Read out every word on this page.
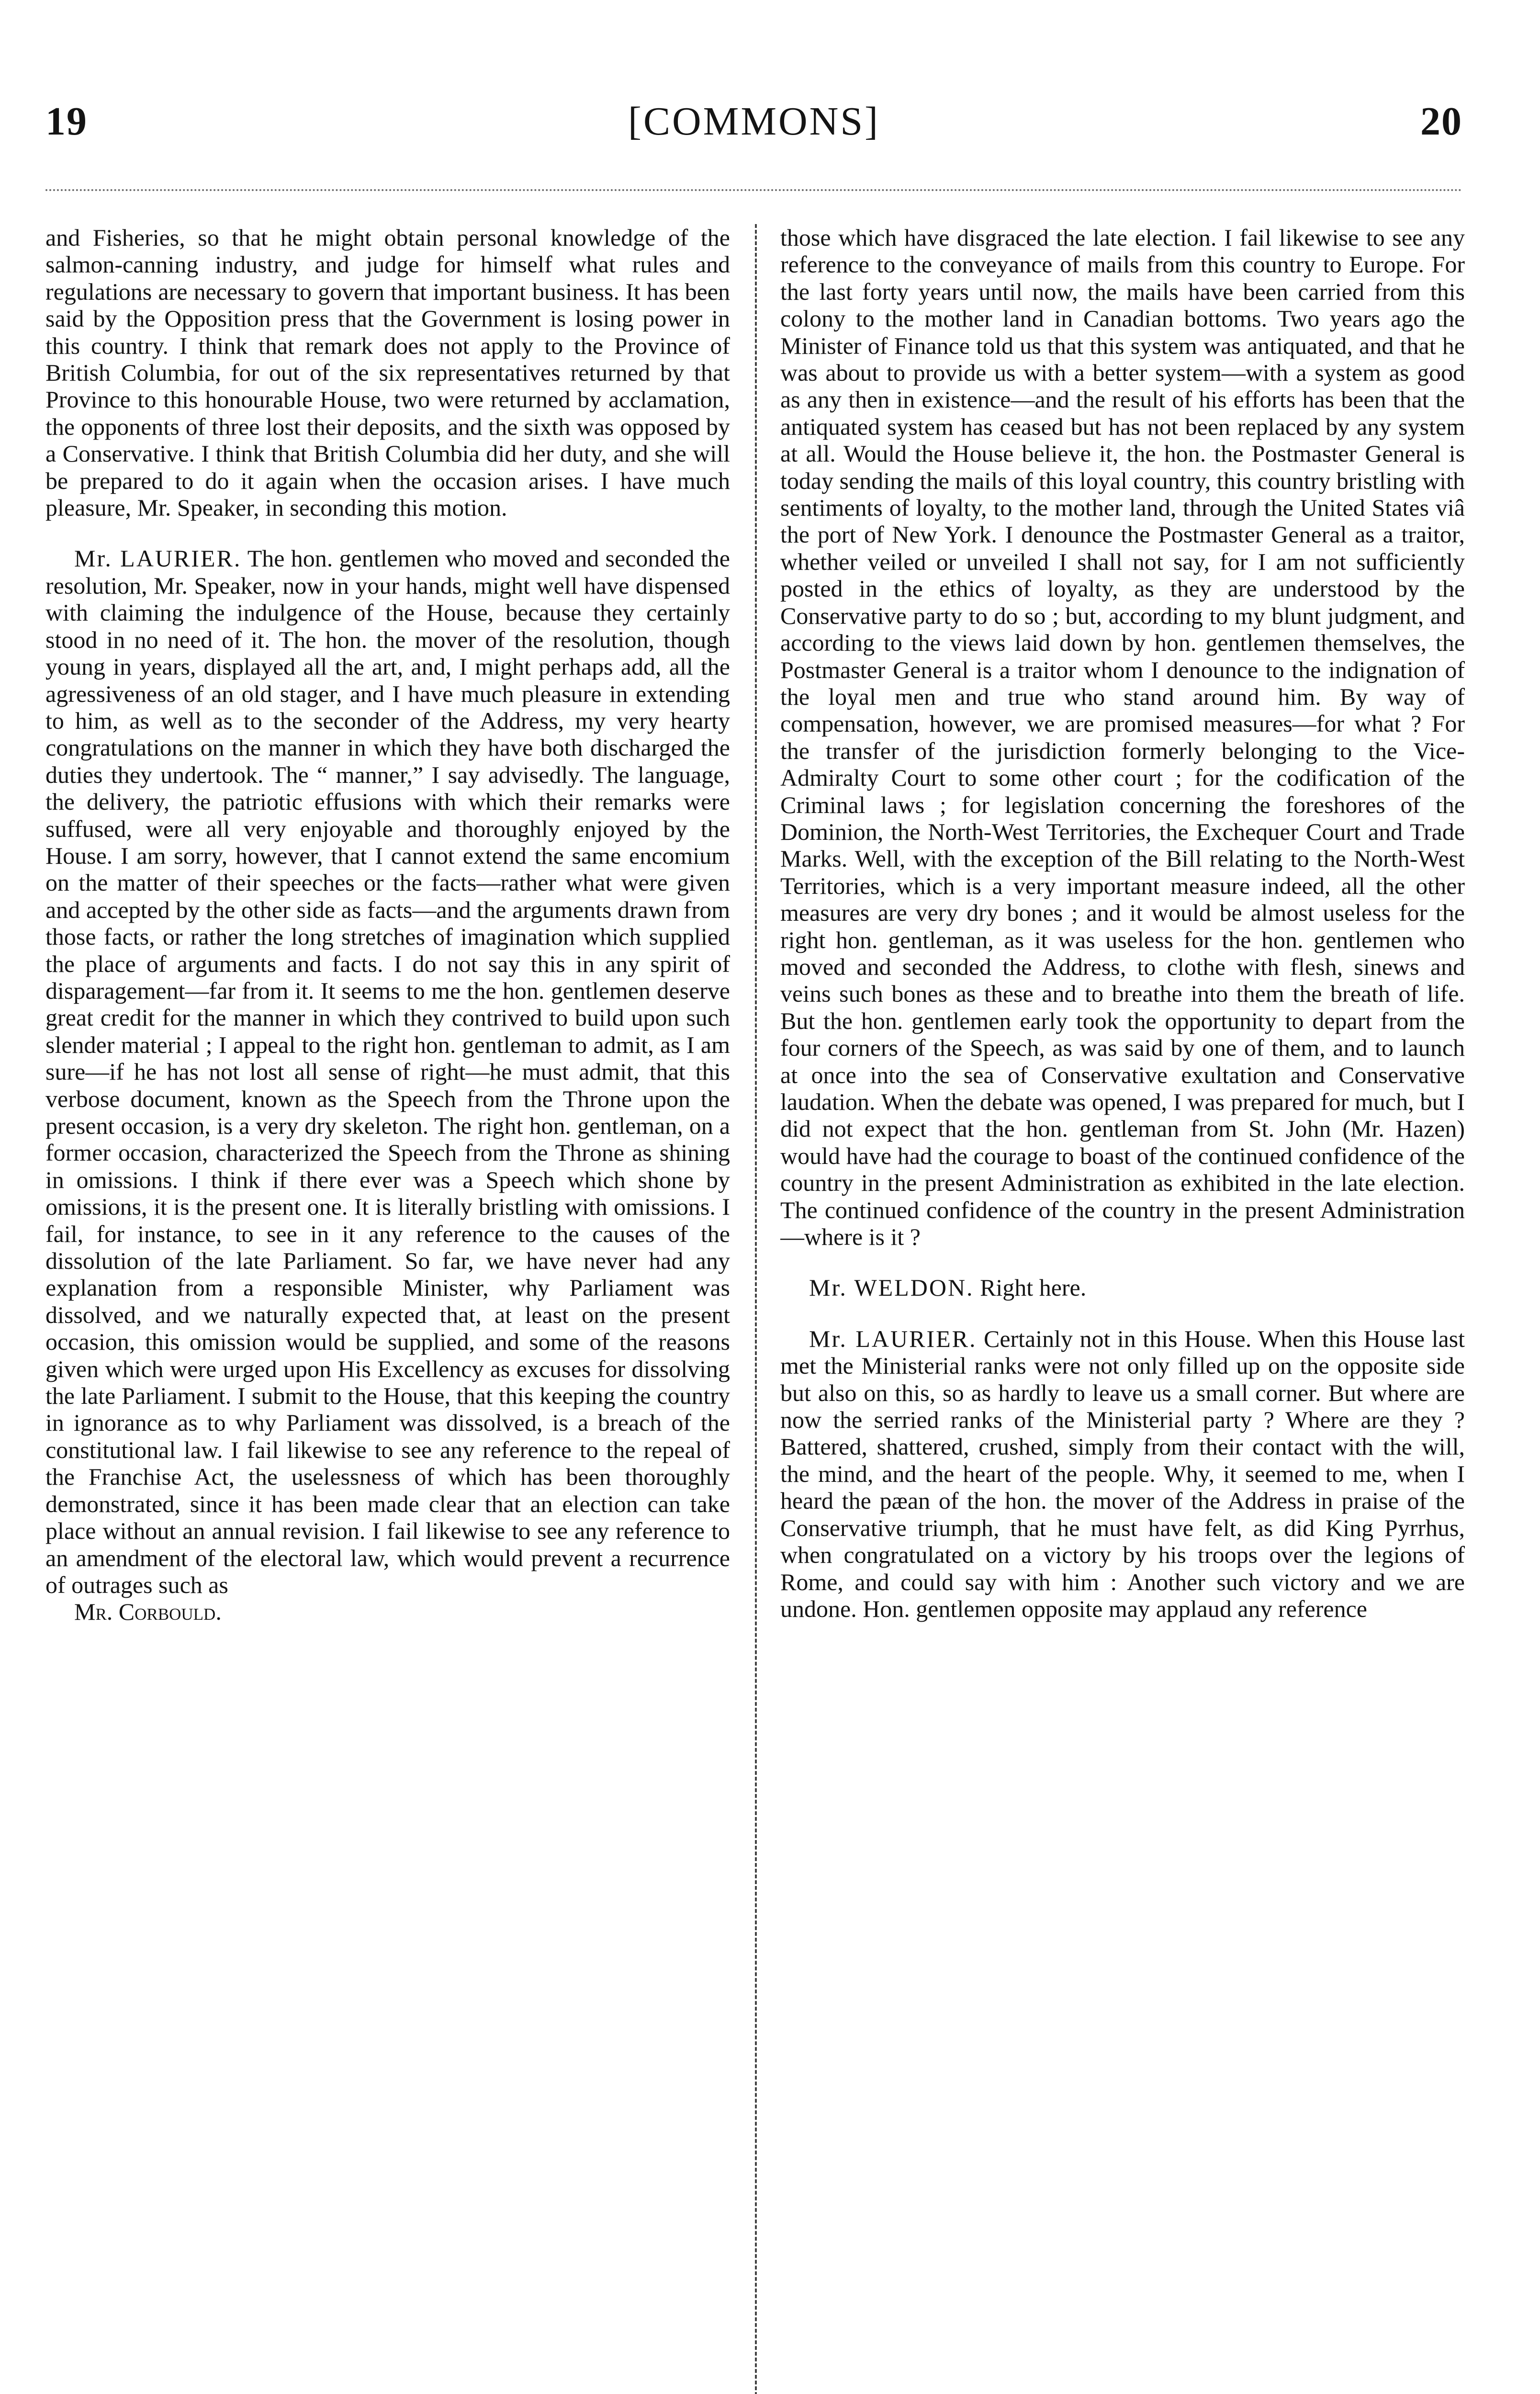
19	[COMMONS]	20

and Fisheries, so that he might obtain personal knowledge of the salmon-canning industry, and judge for himself what rules and regulations are necessary to govern that important business. It has been said by the Opposition press that the Government is losing power in this country. I think that remark does not apply to the Province of British Columbia, for out of the six representatives returned by that Province to this honourable House, two were returned by acclamation, the opponents of three lost their deposits, and the sixth was opposed by a Conservative. I think that British Columbia did her duty, and she will be prepared to do it again when the occasion arises. I have much pleasure, Mr. Speaker, in seconding this motion.

Mr. LAURIER. The hon. gentlemen who moved and seconded the resolution, Mr. Speaker, now in your hands, might well have dispensed with claiming the indulgence of the House, because they certainly stood in no need of it. The hon. the mover of the resolution, though young in years, displayed all the art, and, I might perhaps add, all the agressiveness of an old stager, and I have much pleasure in extending to him, as well as to the seconder of the Address, my very hearty congratulations on the manner in which they have both discharged the duties they undertook. The “ manner,” I say advisedly. The language, the delivery, the patriotic effusions with which their remarks were suffused, were all very enjoyable and thoroughly enjoyed by the House. I am sorry, however, that I cannot extend the same encomium on the matter of their speeches or the facts—rather what were given and accepted by the other side as facts—and the arguments drawn from those facts, or rather the long stretches of imagination which supplied the place of arguments and facts. I do not say this in any spirit of disparagement—far from it. It seems to me the hon. gentlemen deserve great credit for the manner in which they contrived to build upon such slender material ; I appeal to the right hon. gentleman to admit, as I am sure—if he has not lost all sense of right—he must admit, that this verbose document, known as the Speech from the Throne upon the present occasion, is a very dry skeleton. The right hon. gentleman, on a former occasion, characterized the Speech from the Throne as shining in omissions. I think if there ever was a Speech which shone by omissions, it is the present one. It is literally bristling with omissions. I fail, for instance, to see in it any reference to the causes of the dissolution of the late Parliament. So far, we have never had any explanation from a responsible Minister, why Parliament was dissolved, and we naturally expected that, at least on the present occasion, this omission would be supplied, and some of the reasons given which were urged upon His Excellency as excuses for dissolving the late Parliament. I submit to the House, that this keeping the country in ignorance as to why Parliament was dissolved, is a breach of the constitutional law. I fail likewise to see any reference to the repeal of the Franchise Act, the uselessness of which has been thoroughly demonstrated, since it has been made clear that an election can take place without an annual revision. I fail likewise to see any reference to an amendment of the electoral law, which would prevent a recurrence of outrages such as

Mr. Corbould.

those which have disgraced the late election. I fail likewise to see any reference to the conveyance of mails from this country to Europe. For the last forty years until now, the mails have been carried from this colony to the mother land in Canadian bottoms. Two years ago the Minister of Finance told us that this system was antiquated, and that he was about to provide us with a better system—with a system as good as any then in existence—and the result of his efforts has been that the antiquated system has ceased but has not been replaced by any system at all. Would the House believe it, the hon. the Postmaster General is today sending the mails of this loyal country, this country bristling with sentiments of loyalty, to the mother land, through the United States viâ the port of New York. I denounce the Postmaster General as a traitor, whether veiled or unveiled I shall not say, for I am not sufficiently posted in the ethics of loyalty, as they are understood by the Conservative party to do so ; but, according to my blunt judgment, and according to the views laid down by hon. gentlemen themselves, the Postmaster General is a traitor whom I denounce to the indignation of the loyal men and true who stand around him. By way of compensation, however, we are promised measures—for what ? For the transfer of the jurisdiction formerly belonging to the Vice-Admiralty Court to some other court ; for the codification of the Criminal laws ; for legislation concerning the foreshores of the Dominion, the North-West Territories, the Exchequer Court and Trade Marks. Well, with the exception of the Bill relating to the North-West Territories, which is a very important measure indeed, all the other measures are very dry bones ; and it would be almost useless for the right hon. gentleman, as it was useless for the hon. gentlemen who moved and seconded the Address, to clothe with flesh, sinews and veins such bones as these and to breathe into them the breath of life. But the hon. gentlemen early took the opportunity to depart from the four corners of the Speech, as was said by one of them, and to launch at once into the sea of Conservative exultation and Conservative laudation. When the debate was opened, I was prepared for much, but I did not expect that the hon. gentleman from St. John (Mr. Hazen) would have had the courage to boast of the continued confidence of the country in the present Administration as exhibited in the late election. The continued confidence of the country in the present Administration —where is it ?

Mr. WELDON. Right here.

Mr. LAURIER. Certainly not in this House. When this House last met the Ministerial ranks were not only filled up on the opposite side but also on this, so as hardly to leave us a small corner. But where are now the serried ranks of the Ministerial party ? Where are they ? Battered, shattered, crushed, simply from their contact with the will, the mind, and the heart of the people. Why, it seemed to me, when I heard the pæan of the hon. the mover of the Address in praise of the Conservative triumph, that he must have felt, as did King Pyrrhus, when congratulated on a victory by his troops over the legions of Rome, and could say with him : Another such victory and we are undone. Hon. gentlemen opposite may applaud any reference
